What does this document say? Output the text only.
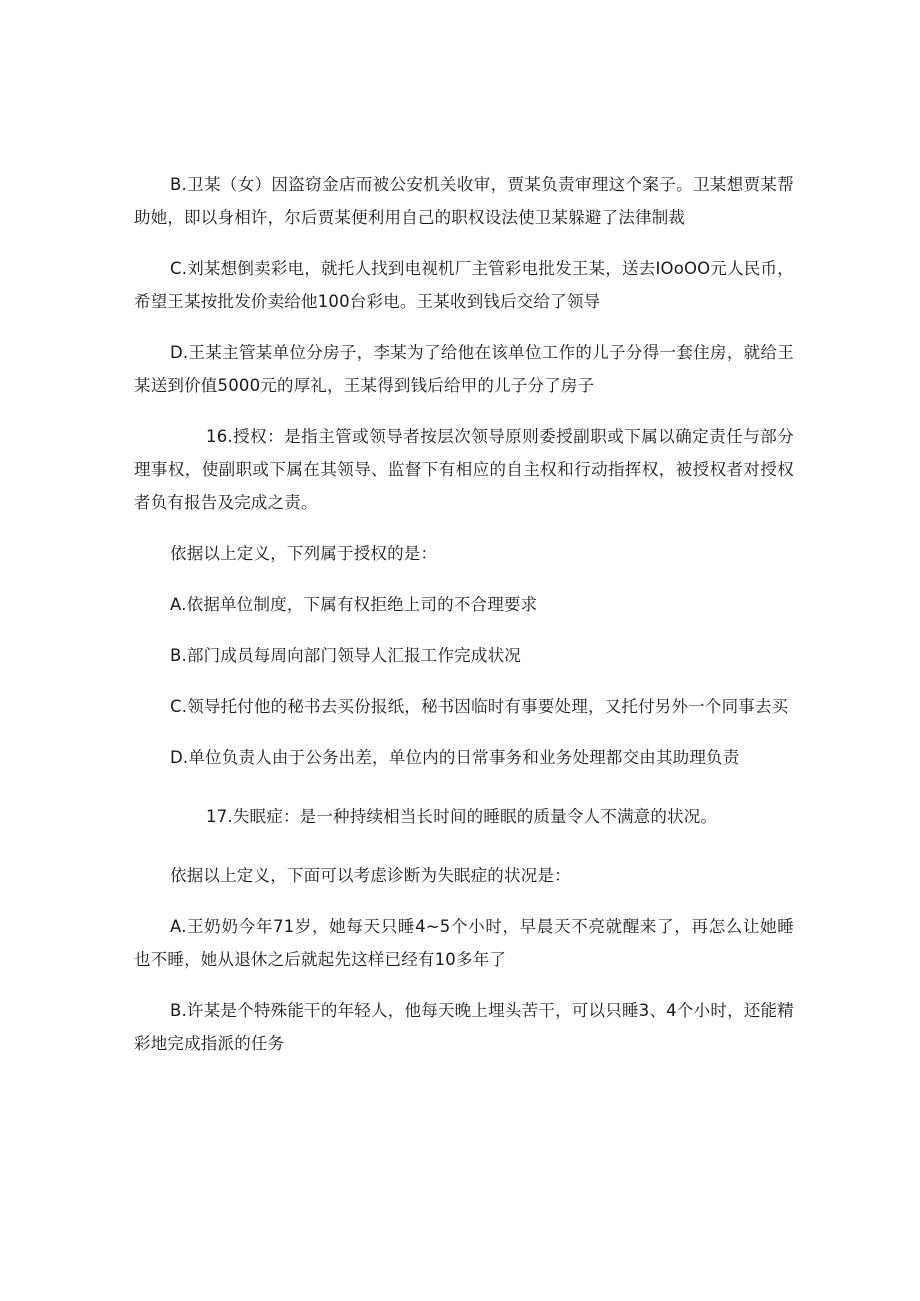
B.卫某（女）因盗窃金店而被公安机关收审，贾某负责审理这个案子。卫某想贾某帮助她，即以身相许，尔后贾某便利用自己的职权设法使卫某躲避了法律制裁

C.刘某想倒卖彩电，就托人找到电视机厂主管彩电批发王某，送去IOoOO元人民币，希望王某按批发价卖给他100台彩电。王某收到钱后交给了领导

D.王某主管某单位分房子，李某为了给他在该单位工作的儿子分得一套住房，就给王某送到价值5000元的厚礼，王某得到钱后给甲的儿子分了房子

16.授权：是指主管或领导者按层次领导原则委授副职或下属以确定责任与部分理事权，使副职或下属在其领导、监督下有相应的自主权和行动指挥权，被授权者对授权者负有报告及完成之责。

依据以上定义，下列属于授权的是：

A.依据单位制度，下属有权拒绝上司的不合理要求

B.部门成员每周向部门领导人汇报工作完成状况

C.领导托付他的秘书去买份报纸，秘书因临时有事要处理，又托付另外一个同事去买

D.单位负责人由于公务出差，单位内的日常事务和业务处理都交由其助理负责

17.失眠症：是一种持续相当长时间的睡眠的质量令人不满意的状况。

依据以上定义，下面可以考虑诊断为失眠症的状况是：

A.王奶奶今年71岁，她每天只睡4~5个小时，早晨天不亮就醒来了，再怎么让她睡也不睡，她从退休之后就起先这样已经有10多年了

B.许某是个特殊能干的年轻人，他每天晚上埋头苦干，可以只睡3、4个小时，还能精彩地完成指派的任务
